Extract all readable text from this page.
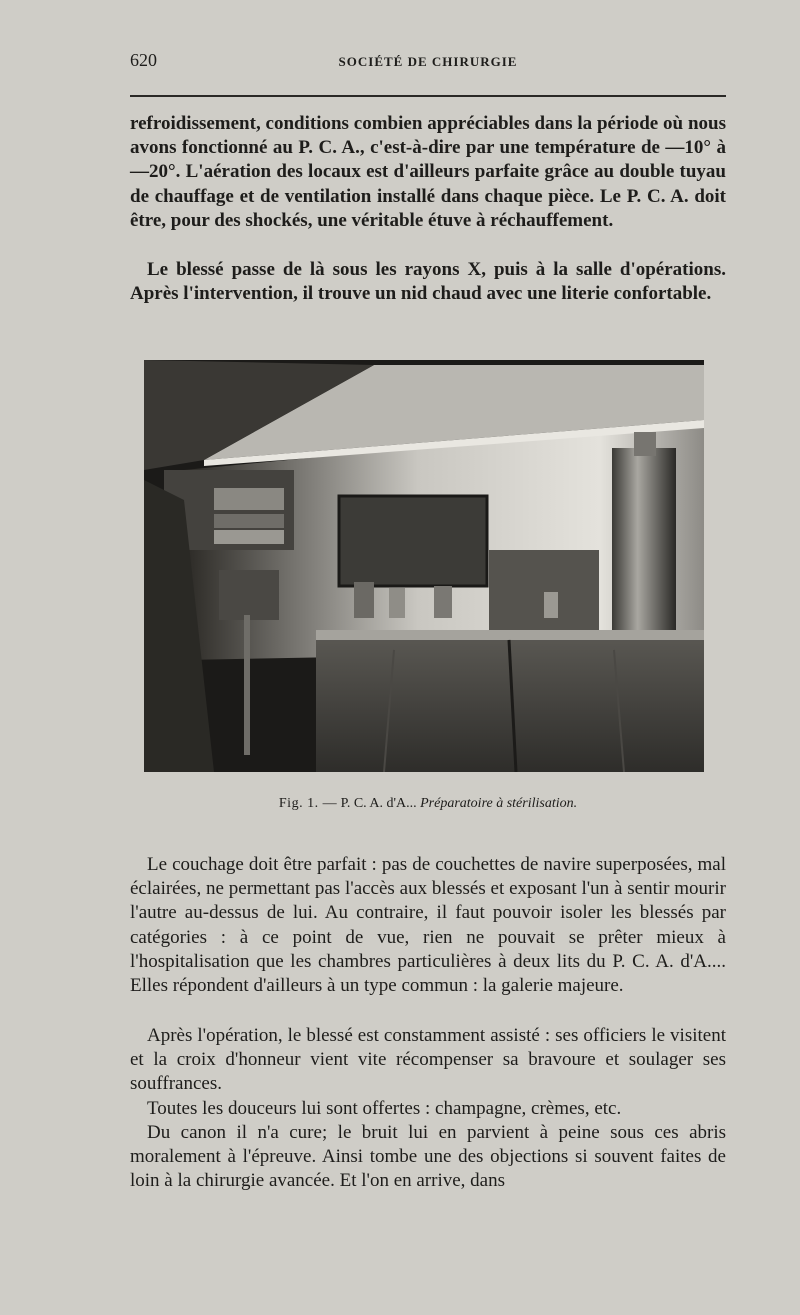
620	SOCIÉTÉ DE CHIRURGIE

refroidissement, conditions combien appréciables dans la période où nous avons fonctionné au P. C. A., c'est-à-dire par une température de —10° à —20°. L'aération des locaux est d'ailleurs parfaite grâce au double tuyau de chauffage et de ventilation installé dans chaque pièce. Le P. C. A. doit être, pour des shockés, une véritable étuve à réchauffement.

Le blessé passe de là sous les rayons X, puis à la salle d'opérations. Après l'intervention, il trouve un nid chaud avec une literie confortable.

Fig. 1. — P. C. A. d'A... Préparatoire à stérilisation.

Le couchage doit être parfait : pas de couchettes de navire superposées, mal éclairées, ne permettant pas l'accès aux blessés et exposant l'un à sentir mourir l'autre au-dessus de lui. Au contraire, il faut pouvoir isoler les blessés par catégories : à ce point de vue, rien ne pouvait se prêter mieux à l'hospitalisation que les chambres particulières à deux lits du P. C. A. d'A.... Elles répondent d'ailleurs à un type commun : la galerie majeure.

Après l'opération, le blessé est constamment assisté : ses officiers le visitent et la croix d'honneur vient vite récompenser sa bravoure et soulager ses souffrances.

Toutes les douceurs lui sont offertes : champagne, crèmes, etc.

Du canon il n'a cure; le bruit lui en parvient à peine sous ces abris moralement à l'épreuve. Ainsi tombe une des objections si souvent faites de loin à la chirurgie avancée. Et l'on en arrive, dans
